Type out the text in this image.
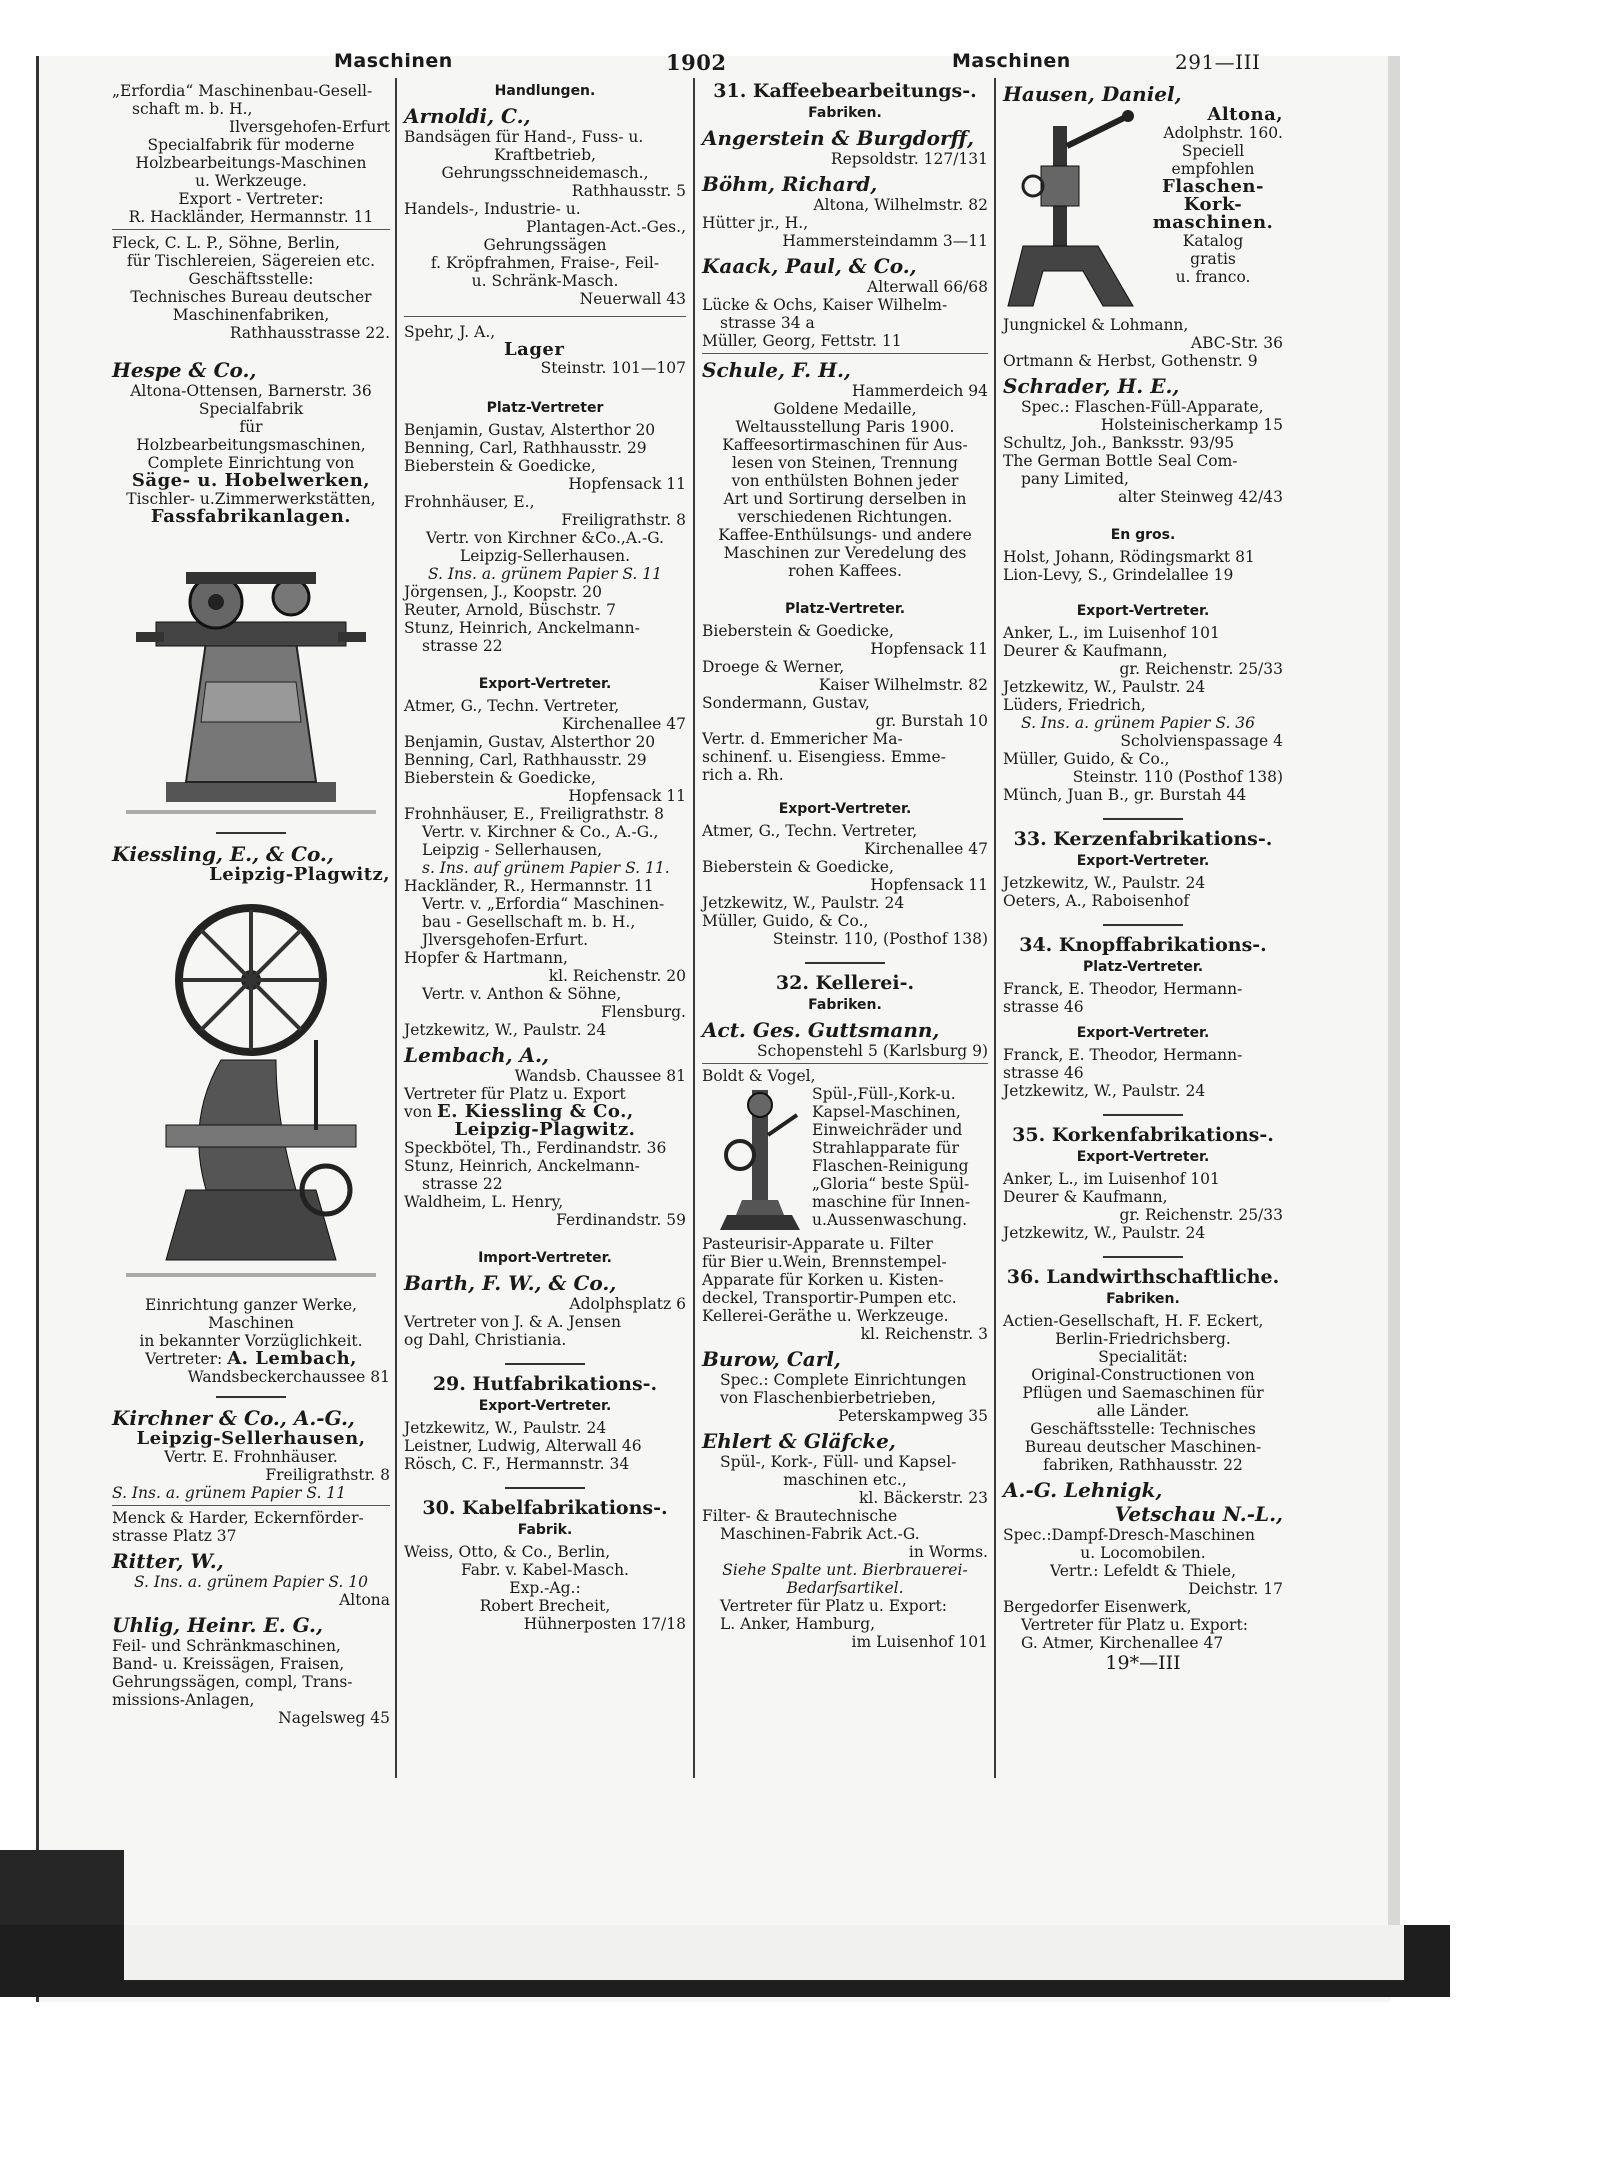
Maschinen	1902	Maschinen	291—III
„Erfordia“ Maschinenbau-Gesell-
schaft m. b. H.,
Ilversgehofen-Erfurt
Specialfabrik für moderne
Holzbearbeitungs-Maschinen
u. Werkzeuge.
Export - Vertreter:
R. Hackländer, Hermannstr. 11
Fleck, C. L. P., Söhne, Berlin,
für Tischlereien, Sägereien etc.
Geschäftsstelle:
Technisches Bureau deutscher
Maschinenfabriken,
Rathhausstrasse 22.
Hespe & Co.,
Altona-Ottensen, Barnerstr. 36
Specialfabrik
für
Holzbearbeitungsmaschinen,
Complete Einrichtung von
Säge- u. Hobelwerken,
Tischler- u.Zimmerwerkstätten,
Fassfabrikanlagen.
Kiessling, E., & Co.,
Leipzig-Plagwitz,
Einrichtung ganzer Werke,
Maschinen
in bekannter Vorzüglichkeit.
Vertreter: A. Lembach,
Wandsbeckerchaussee 81
Kirchner & Co., A.-G.,
Leipzig-Sellerhausen,
Vertr. E. Frohnhäuser.
Freiligrathstr. 8
S. Ins. a. grünem Papier S. 11
Menck & Harder, Eckernförder-
strasse Platz 37
Ritter, W.,
S. Ins. a. grünem Papier S. 10
Altona
Uhlig, Heinr. E. G.,
Feil- und Schränkmaschinen,
Band- u. Kreissägen, Fraisen,
Gehrungssägen, compl, Trans-
missions-Anlagen,
Nagelsweg 45
Handlungen.
Arnoldi, C.,
Bandsägen für Hand-, Fuss- u.
Kraftbetrieb,
Gehrungsschneidemasch.,
Rathhausstr. 5
Handels-, Industrie- u.
Plantagen-Act.-Ges.,
Gehrungssägen
f. Kröpfrahmen, Fraise-, Feil-
u. Schränk-Masch.
Neuerwall 43
Spehr, J. A.,
Lager
Steinstr. 101—107
Platz-Vertreter
Benjamin, Gustav, Alsterthor 20
Benning, Carl, Rathhausstr. 29
Bieberstein & Goedicke,
Hopfensack 11
Frohnhäuser, E.,
Freiligrathstr. 8
Vertr. von Kirchner &Co.,A.-G.
Leipzig-Sellerhausen.
S. Ins. a. grünem Papier S. 11
Jörgensen, J., Koopstr. 20
Reuter, Arnold, Büschstr. 7
Stunz, Heinrich, Anckelmann-
strasse 22
Export-Vertreter.
Atmer, G., Techn. Vertreter,
Kirchenallee 47
Benjamin, Gustav, Alsterthor 20
Benning, Carl, Rathhausstr. 29
Bieberstein & Goedicke,
Hopfensack 11
Frohnhäuser, E., Freiligrathstr. 8
Vertr. v. Kirchner & Co., A.-G.,
Leipzig - Sellerhausen,
s. Ins. auf grünem Papier S. 11.
Hackländer, R., Hermannstr. 11
Vertr. v. „Erfordia“ Maschinen-
bau - Gesellschaft m. b. H.,
Jlversgehofen-Erfurt.
Hopfer & Hartmann,
kl. Reichenstr. 20
Vertr. v. Anthon & Söhne,
Flensburg.
Jetzkewitz, W., Paulstr. 24
Lembach, A.,
Wandsb. Chaussee 81
Vertreter für Platz u. Export
von E. Kiessling & Co.,
Leipzig-Plagwitz.
Speckbötel, Th., Ferdinandstr. 36
Stunz, Heinrich, Anckelmann-
strasse 22
Waldheim, L. Henry,
Ferdinandstr. 59
Import-Vertreter.
Barth, F. W., & Co.,
Adolphsplatz 6
Vertreter von J. & A. Jensen
og Dahl, Christiania.
29. Hutfabrikations-.
Export-Vertreter.
Jetzkewitz, W., Paulstr. 24
Leistner, Ludwig, Alterwall 46
Rösch, C. F., Hermannstr. 34
30. Kabelfabrikations-.
Fabrik.
Weiss, Otto, & Co., Berlin,
Fabr. v. Kabel-Masch.
Exp.-Ag.:
Robert Brecheit,
Hühnerposten 17/18
31. Kaffeebearbeitungs-.
Fabriken.
Angerstein & Burgdorff,
Repsoldstr. 127/131
Böhm, Richard,
Altona, Wilhelmstr. 82
Hütter jr., H.,
Hammersteindamm 3—11
Kaack, Paul, & Co.,
Alterwall 66/68
Lücke & Ochs, Kaiser Wilhelm-
strasse 34 a
Müller, Georg, Fettstr. 11
Schule, F. H.,
Hammerdeich 94
Goldene Medaille,
Weltausstellung Paris 1900.
Kaffeesortirmaschinen für Aus-
lesen von Steinen, Trennung
von enthülsten Bohnen jeder
Art und Sortirung derselben in
verschiedenen Richtungen.
Kaffee-Enthülsungs- und andere
Maschinen zur Veredelung des
rohen Kaffees.
Platz-Vertreter.
Bieberstein & Goedicke,
Hopfensack 11
Droege & Werner,
Kaiser Wilhelmstr. 82
Sondermann, Gustav,
gr. Burstah 10
Vertr. d. Emmericher Ma-
schinenf. u. Eisengiess. Emme-
rich a. Rh.
Export-Vertreter.
Atmer, G., Techn. Vertreter,
Kirchenallee 47
Bieberstein & Goedicke,
Hopfensack 11
Jetzkewitz, W., Paulstr. 24
Müller, Guido, & Co.,
Steinstr. 110, (Posthof 138)
32. Kellerei-.
Fabriken.
Act. Ges. Guttsmann,
Schopenstehl 5 (Karlsburg 9)
Boldt & Vogel,
Spül-,Füll-,Kork-u.
Kapsel-Maschinen,
Einweichräder und
Strahlapparate für
Flaschen-Reinigung
„Gloria“ beste Spül-
maschine für Innen-
u.Aussenwaschung.
Pasteurisir-Apparate u. Filter
für Bier u.Wein, Brennstempel-
Apparate für Korken u. Kisten-
deckel, Transportir-Pumpen etc.
Kellerei-Geräthe u. Werkzeuge.
kl. Reichenstr. 3
Burow, Carl,
Spec.: Complete Einrichtungen
von Flaschenbierbetrieben,
Peterskampweg 35
Ehlert & Gläfcke,
Spül-, Kork-, Füll- und Kapsel-
maschinen etc.,
kl. Bäckerstr. 23
Filter- & Brautechnische
Maschinen-Fabrik Act.-G.
in Worms.
Siehe Spalte unt. Bierbrauerei-
Bedarfsartikel.
Vertreter für Platz u. Export:
L. Anker, Hamburg,
im Luisenhof 101
Hausen, Daniel,
Altona,
Adolphstr. 160.
Speciell
empfohlen
Flaschen-
Kork-
maschinen.
Katalog
gratis
u. franco.
Jungnickel & Lohmann,
ABC-Str. 36
Ortmann & Herbst, Gothenstr. 9
Schrader, H. E.,
Spec.: Flaschen-Füll-Apparate,
Holsteinischerkamp 15
Schultz, Joh., Banksstr. 93/95
The German Bottle Seal Com-
pany Limited,
alter Steinweg 42/43
En gros.
Holst, Johann, Rödingsmarkt 81
Lion-Levy, S., Grindelallee 19
Export-Vertreter.
Anker, L., im Luisenhof 101
Deurer & Kaufmann,
gr. Reichenstr. 25/33
Jetzkewitz, W., Paulstr. 24
Lüders, Friedrich,
S. Ins. a. grünem Papier S. 36
Scholvienspassage 4
Müller, Guido, & Co.,
Steinstr. 110 (Posthof 138)
Münch, Juan B., gr. Burstah 44
33. Kerzenfabrikations-.
Export-Vertreter.
Jetzkewitz, W., Paulstr. 24
Oeters, A., Raboisenhof
34. Knopffabrikations-.
Platz-Vertreter.
Franck, E. Theodor, Hermann-
strasse 46
Export-Vertreter.
Franck, E. Theodor, Hermann-
strasse 46
Jetzkewitz, W., Paulstr. 24
35. Korkenfabrikations-.
Export-Vertreter.
Anker, L., im Luisenhof 101
Deurer & Kaufmann,
gr. Reichenstr. 25/33
Jetzkewitz, W., Paulstr. 24
36. Landwirthschaftliche.
Fabriken.
Actien-Gesellschaft, H. F. Eckert,
Berlin-Friedrichsberg.
Specialität:
Original-Constructionen von
Pflügen und Saemaschinen für
alle Länder.
Geschäftsstelle: Technisches
Bureau deutscher Maschinen-
fabriken, Rathhausstr. 22
A.-G. Lehnigk,
Vetschau N.-L.,
Spec.:Dampf-Dresch-Maschinen
u. Locomobilen.
Vertr.: Lefeldt & Thiele,
Deichstr. 17
Bergedorfer Eisenwerk,
Vertreter für Platz u. Export:
G. Atmer, Kirchenallee 47
19*—III
